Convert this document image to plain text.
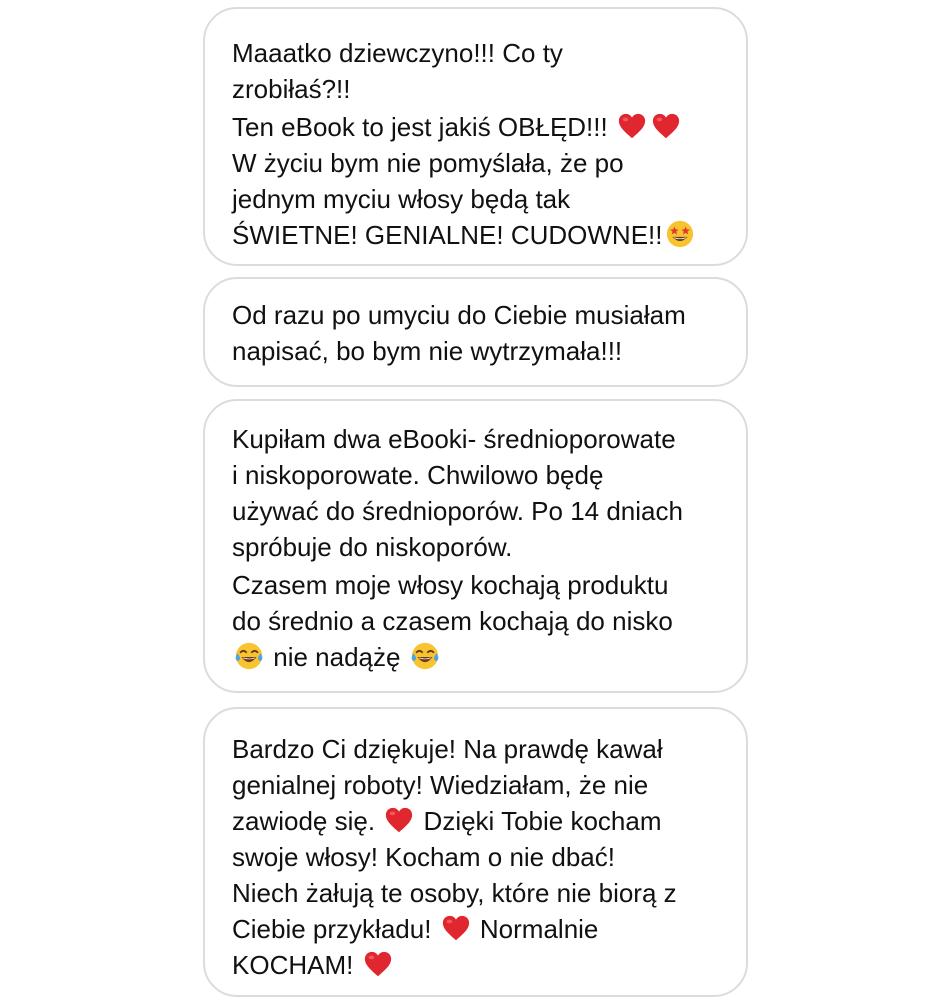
Maaatko dziewczyno!!! Co ty
zrobiłaś?!!
Ten eBook to jest jakiś OBŁĘD!!!
W życiu bym nie pomyślała, że po
jednym myciu włosy będą tak
ŚWIETNE! GENIALNE! CUDOWNE!!
Od razu po umyciu do Ciebie musiałam
napisać, bo bym nie wytrzymała!!!
Kupiłam dwa eBooki- średnioporowate
i niskoporowate. Chwilowo będę
używać do średnioporów. Po 14 dniach
spróbuje do niskoporów.
Czasem moje włosy kochają produktu
do średnio a czasem kochają do nisko
nie nadążę
Bardzo Ci dziękuje! Na prawdę kawał
genialnej roboty! Wiedziałam, że nie
zawiodę się. Dzięki Tobie kocham
swoje włosy! Kocham o nie dbać!
Niech żałują te osoby, które nie biorą z
Ciebie przykładu! Normalnie
KOCHAM!
